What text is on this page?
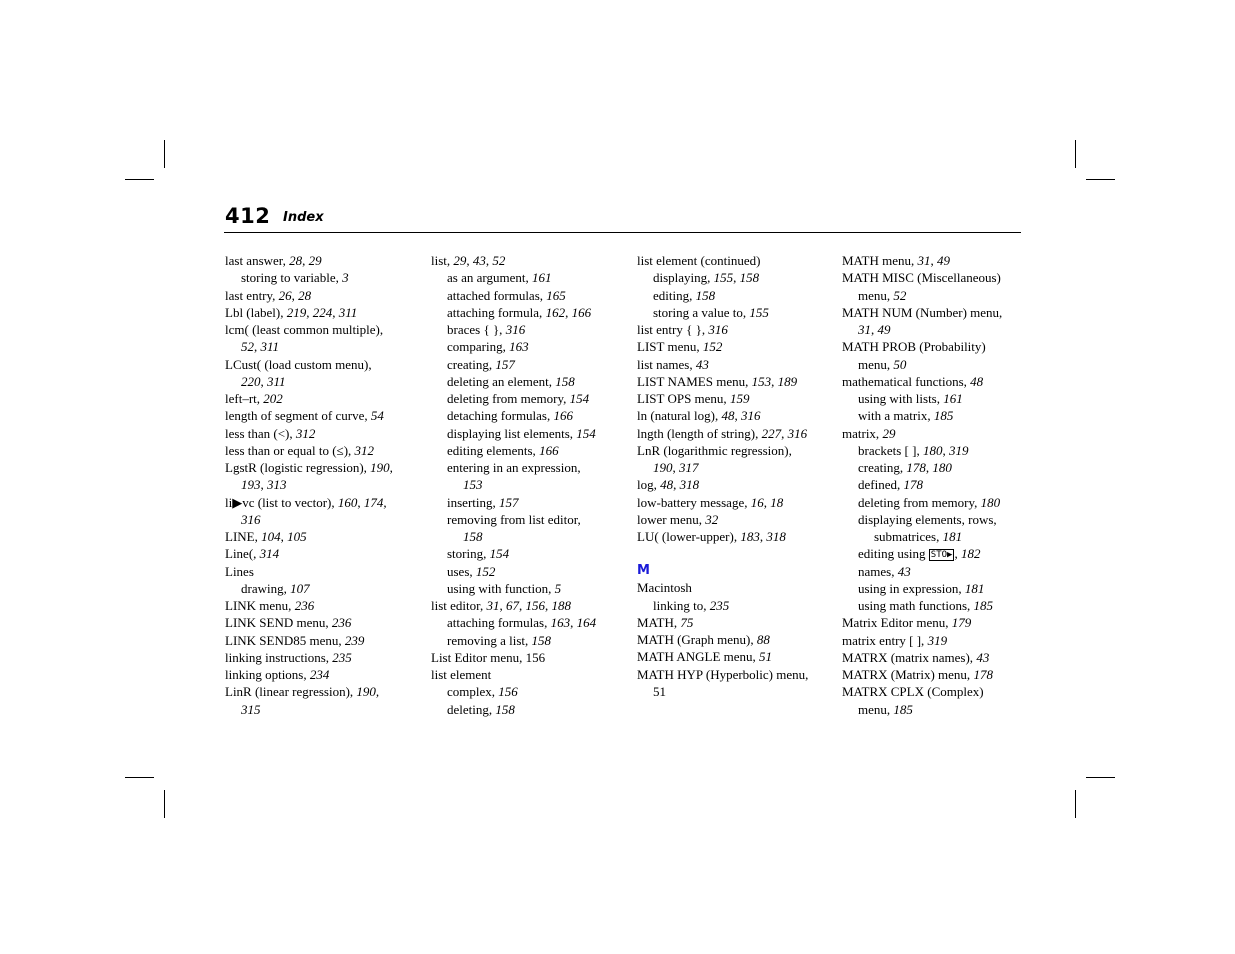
412 Index
last answer, 28, 29
storing to variable, 3
last entry, 26, 28
Lbl (label), 219, 224, 311
lcm( (least common multiple),
52, 311
LCust( (load custom menu),
220, 311
left–rt, 202
length of segment of curve, 54
less than (<), 312
less than or equal to (≤), 312
LgstR (logistic regression), 190,
193, 313
li▶vc (list to vector), 160, 174,
316
LINE, 104, 105
Line(, 314
Lines
drawing, 107
LINK menu, 236
LINK SEND menu, 236
LINK SEND85 menu, 239
linking instructions, 235
linking options, 234
LinR (linear regression), 190,
315
list, 29, 43, 52
as an argument, 161
attached formulas, 165
attaching formula, 162, 166
braces { }, 316
comparing, 163
creating, 157
deleting an element, 158
deleting from memory, 154
detaching formulas, 166
displaying list elements, 154
editing elements, 166
entering in an expression,
153
inserting, 157
removing from list editor,
158
storing, 154
uses, 152
using with function, 5
list editor, 31, 67, 156, 188
attaching formulas, 163, 164
removing a list, 158
List Editor menu, 156
list element
complex, 156
deleting, 158
list element (continued)
displaying, 155, 158
editing, 158
storing a value to, 155
list entry { }, 316
LIST menu, 152
list names, 43
LIST NAMES menu, 153, 189
LIST OPS menu, 159
ln (natural log), 48, 316
lngth (length of string), 227, 316
LnR (logarithmic regression),
190, 317
log, 48, 318
low-battery message, 16, 18
lower menu, 32
LU( (lower-upper), 183, 318
M
Macintosh
linking to, 235
MATH, 75
MATH (Graph menu), 88
MATH ANGLE menu, 51
MATH HYP (Hyperbolic) menu,
51
MATH menu, 31, 49
MATH MISC (Miscellaneous)
menu, 52
MATH NUM (Number) menu,
31, 49
MATH PROB (Probability)
menu, 50
mathematical functions, 48
using with lists, 161
with a matrix, 185
matrix, 29
brackets [ ], 180, 319
creating, 178, 180
defined, 178
deleting from memory, 180
displaying elements, rows,
submatrices, 181
editing using STO▶ , 182
names, 43
using in expression, 181
using math functions, 185
Matrix Editor menu, 179
matrix entry [ ], 319
MATRX (matrix names), 43
MATRX (Matrix) menu, 178
MATRX CPLX (Complex)
menu, 185
